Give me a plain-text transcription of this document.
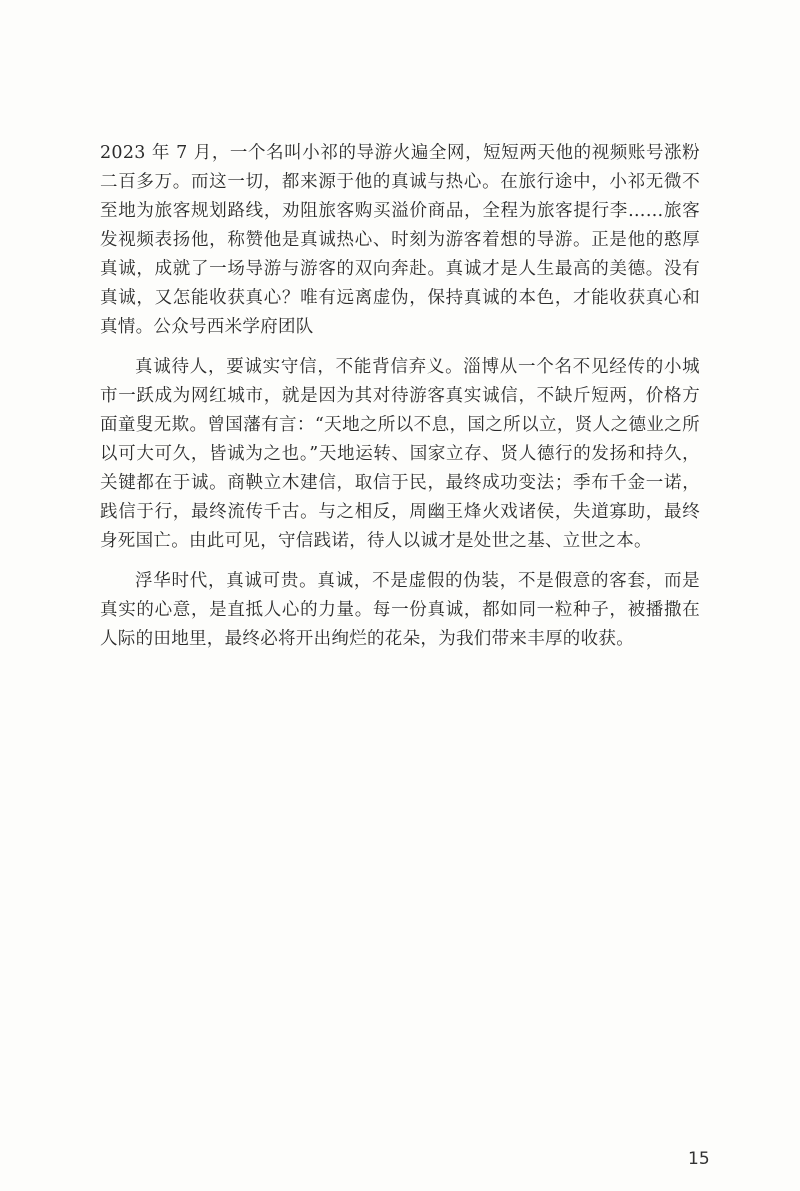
2023 年 7 月，一个名叫小祁的导游火遍全网，短短两天他的视频账号涨粉二百多万。而这一切，都来源于他的真诚与热心。在旅行途中，小祁无微不至地为旅客规划路线，劝阻旅客购买溢价商品，全程为旅客提行李……旅客发视频表扬他，称赞他是真诚热心、时刻为游客着想的导游。正是他的憨厚真诚，成就了一场导游与游客的双向奔赴。真诚才是人生最高的美德。没有真诚，又怎能收获真心？唯有远离虚伪，保持真诚的本色，才能收获真心和真情。公众号西米学府团队

真诚待人，要诚实守信，不能背信弃义。淄博从一个名不见经传的小城市一跃成为网红城市，就是因为其对待游客真实诚信，不缺斤短两，价格方面童叟无欺。曾国藩有言：“天地之所以不息，国之所以立，贤人之德业之所以可大可久，皆诚为之也。”天地运转、国家立存、贤人德行的发扬和持久，关键都在于诚。商鞅立木建信，取信于民，最终成功变法；季布千金一诺，践信于行，最终流传千古。与之相反，周幽王烽火戏诸侯，失道寡助，最终身死国亡。由此可见，守信践诺，待人以诚才是处世之基、立世之本。

浮华时代，真诚可贵。真诚，不是虚假的伪装，不是假意的客套，而是真实的心意，是直抵人心的力量。每一份真诚，都如同一粒种子，被播撒在人际的田地里，最终必将开出绚烂的花朵，为我们带来丰厚的收获。

15
